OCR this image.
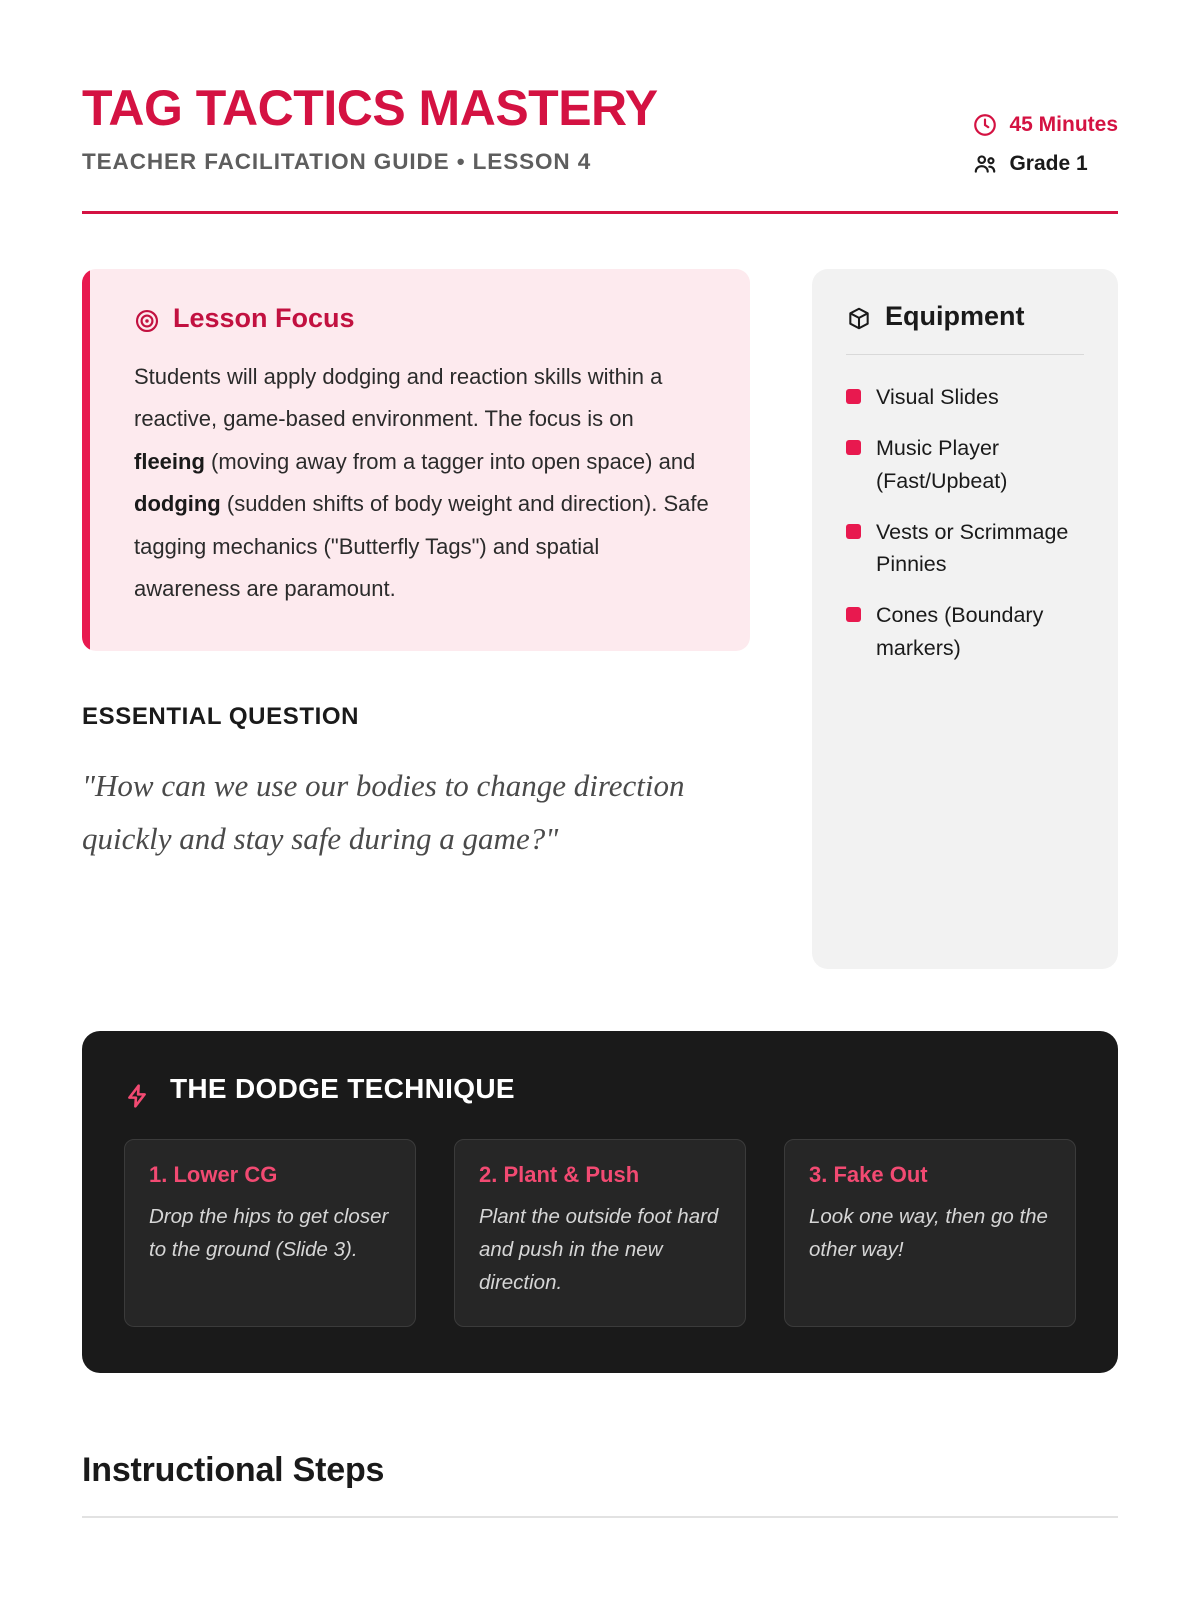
TAG TACTICS MASTERY
TEACHER FACILITATION GUIDE • LESSON 4
45 Minutes
Grade 1
Lesson Focus
Students will apply dodging and reaction skills within a reactive, game-based environment. The focus is on fleeing (moving away from a tagger into open space) and dodging (sudden shifts of body weight and direction). Safe tagging mechanics ("Butterfly Tags") and spatial awareness are paramount.
ESSENTIAL QUESTION
"How can we use our bodies to change direction quickly and stay safe during a game?"
Equipment
Visual Slides
Music Player (Fast/Upbeat)
Vests or Scrimmage Pinnies
Cones (Boundary markers)
THE DODGE TECHNIQUE
1. Lower CG
Drop the hips to get closer to the ground (Slide 3).
2. Plant & Push
Plant the outside foot hard and push in the new direction.
3. Fake Out
Look one way, then go the other way!
Instructional Steps
